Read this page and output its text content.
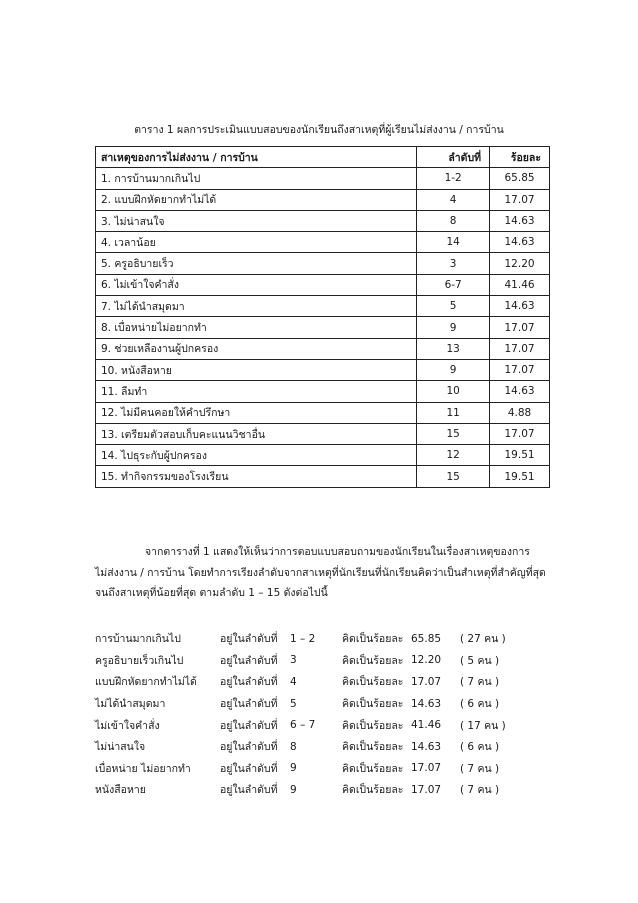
ตาราง 1 ผลการประเมินแบบสอบของนักเรียนถึงสาเหตุที่ผู้เรียนไม่ส่งงาน / การบ้าน
สาเหตุของการไม่ส่งงาน / การบ้าน	ลำดับที่	ร้อยละ
1. การบ้านมากเกินไป	1-2	65.85
2. แบบฝึกหัดยากทำไม่ได้	4	17.07
3. ไม่น่าสนใจ	8	14.63
4. เวลาน้อย	14	14.63
5. ครูอธิบายเร็ว	3	12.20
6. ไม่เข้าใจคำสั่ง	6-7	41.46
7. ไม่ได้นำสมุดมา	5	14.63
8. เบื่อหน่ายไม่อยากทำ	9	17.07
9. ช่วยเหลืองานผู้ปกครอง	13	17.07
10. หนังสือหาย	9	17.07
11. ลืมทำ	10	14.63
12. ไม่มีคนคอยให้คำปรึกษา	11	4.88
13. เตรียมตัวสอบเก็บคะแนนวิชาอื่น	15	17.07
14. ไปธุระกับผู้ปกครอง	12	19.51
15. ทำกิจกรรมของโรงเรียน	15	19.51
จากตารางที่ 1 แสดงให้เห็นว่าการตอบแบบสอบถามของนักเรียนในเรื่องสาเหตุของการ
ไม่ส่งงาน / การบ้าน โดยทำการเรียงลำดับจากสาเหตุที่นักเรียนที่นักเรียนคิดว่าเป็นสำเหตุที่สำคัญที่สุด
จนถึงสาเหตุที่น้อยที่สุด ตามลำดับ 1 – 15 ดังต่อไปนี้
การบ้านมากเกินไป	อยู่ในลำดับที่	1 – 2	คิดเป็นร้อยละ	65.85	( 27 คน )
ครูอธิบายเร็วเกินไป	อยู่ในลำดับที่	3	คิดเป็นร้อยละ	12.20	( 5 คน )
แบบฝึกหัดยากทำไม่ได้	อยู่ในลำดับที่	4	คิดเป็นร้อยละ	17.07	( 7 คน )
ไม่ได้นำสมุดมา	อยู่ในลำดับที่	5	คิดเป็นร้อยละ	14.63	( 6 คน )
ไม่เข้าใจคำสั่ง	อยู่ในลำดับที่	6 – 7	คิดเป็นร้อยละ	41.46	( 17 คน )
ไม่น่าสนใจ	อยู่ในลำดับที่	8	คิดเป็นร้อยละ	14.63	( 6 คน )
เบื่อหน่าย ไม่อยากทำ	อยู่ในลำดับที่	9	คิดเป็นร้อยละ	17.07	( 7 คน )
หนังสือหาย	อยู่ในลำดับที่	9	คิดเป็นร้อยละ	17.07	( 7 คน )
